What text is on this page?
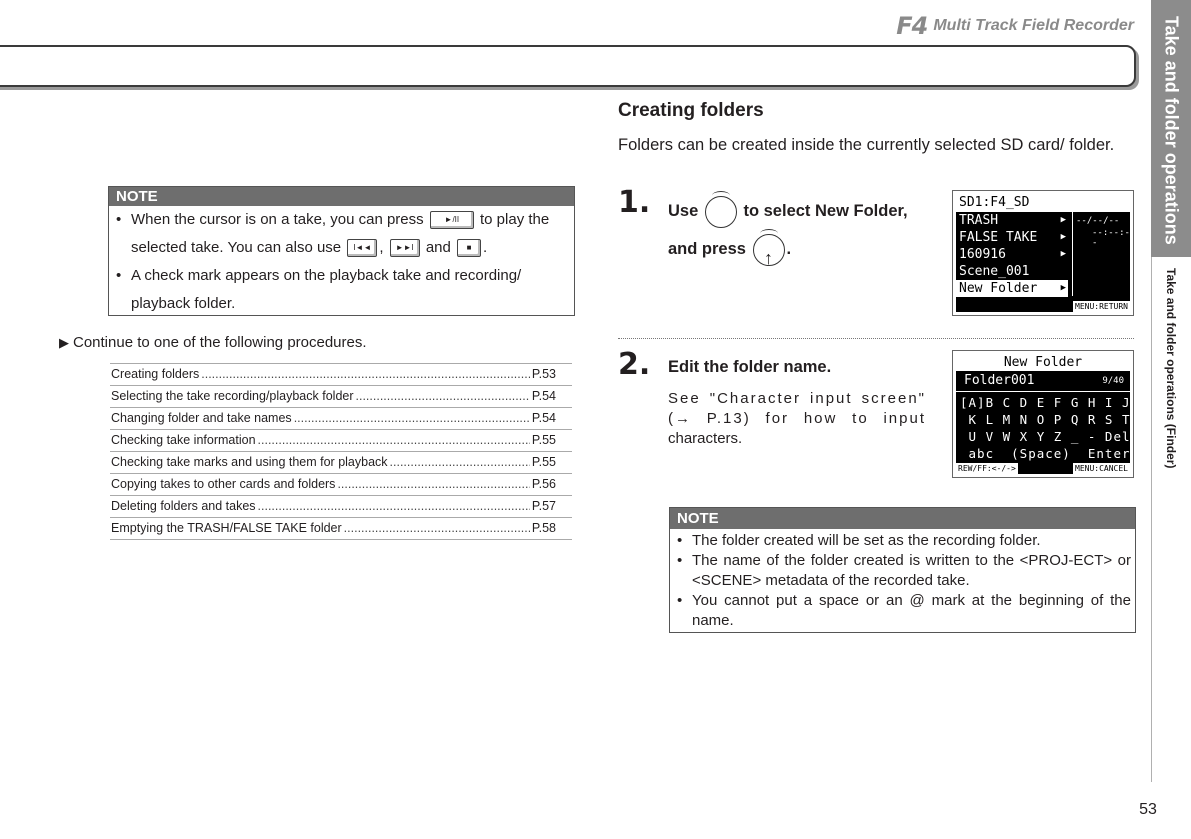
F4 Multi Track Field Recorder Take and folder operations
Take and folder operations (Finder)
53
NOTE
• When the cursor is on a take, you can press	►/II to play the selected take. You can also use I◄◄ , ►►I and ■ .
• A check mark appears on the playback take and recording/ playback folder.
▶ Continue to one of the following procedures.
Creating folders .....	P.53
Selecting the take recording/playback folder .....	P.54
Changing folder and take names .....	P.54
Checking take information .....	P.55
Checking take marks and using them for playback .....	P.55
Copying takes to other cards and folders .....	P.56
Deleting folders and takes .....	P.57
Emptying the TRASH/FALSE TAKE folder .....	P.58
Creating folders
Folders can be created inside the currently selected SD card/ folder.
1. Use	to select New Folder, and press ↑ .
SD1:F4_SD
TRASH	▶
FALSE TAKE	▶
160916	▶
Scene_001
New Folder	▶
--/--/--
--:--:--
MENU:RETURN
2. Edit the folder name.
See "Character input screen" (→ P.13) for how to input characters.
New Folder
Folder001	9/40
[A]B C D E F G H I J
K L M N O P Q R S T
U V W X Y Z _ - Del
abc  (Space)  Enter
REW/FF:<-/->	MENU:CANCEL
NOTE
• The folder created will be set as the recording folder.
• The name of the folder created is written to the <PROJ-ECT> or <SCENE> metadata of the recorded take.
• You cannot put a space or an @ mark at the beginning of the name.
